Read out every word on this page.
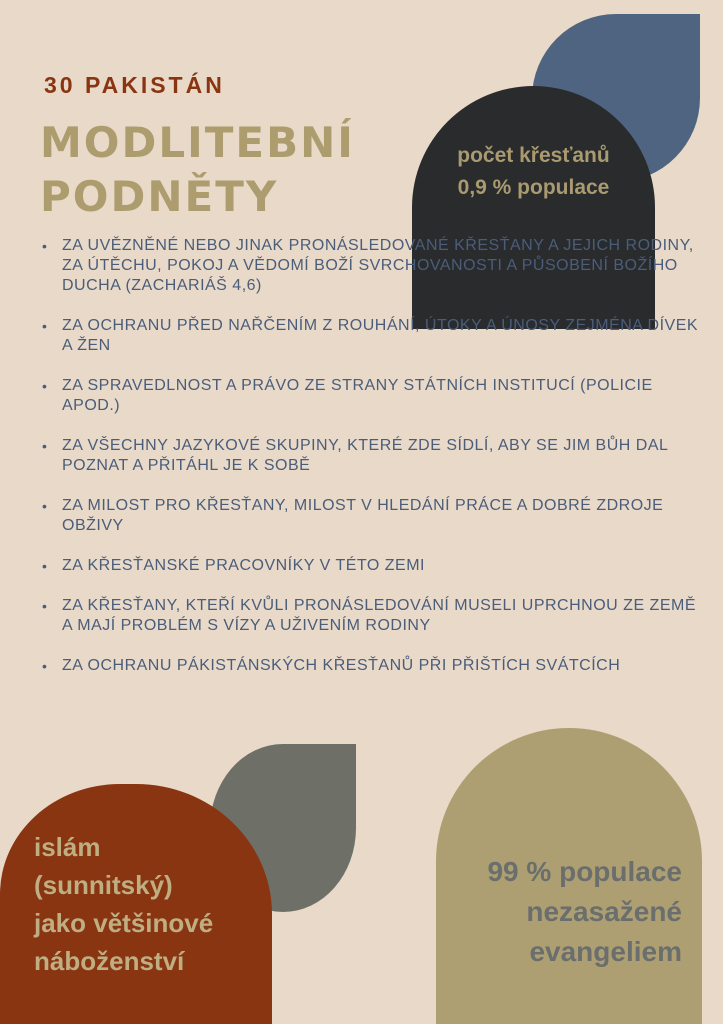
30 PAKISTÁN
MODLITEBNÍ
PODNĚTY
počet křesťanů
0,9 % populace
• ZA UVĚZNĚNÉ NEBO JINAK PRONÁSLEDOVANÉ KŘESŤANY A JEJICH RODINY, ZA ÚTĚCHU, POKOJ A VĚDOMÍ BOŽÍ SVRCHOVANOSTI A PŮSOBENÍ BOŽÍHO DUCHA (ZACHARIÁŠ 4,6)
• ZA OCHRANU PŘED NAŘČENÍM Z ROUHÁNÍ, ÚTOKY A ÚNOSY ZEJMÉNA DÍVEK A ŽEN
• ZA SPRAVEDLNOST A PRÁVO ZE STRANY STÁTNÍCH INSTITUCÍ (POLICIE APOD.)
• ZA VŠECHNY JAZYKOVÉ SKUPINY, KTERÉ ZDE SÍDLÍ, ABY SE JIM BŮH DAL POZNAT A PŘITÁHL JE K SOBĚ
• ZA MILOST PRO KŘESŤANY, MILOST V HLEDÁNÍ PRÁCE A DOBRÉ ZDROJE OBŽIVY
• ZA KŘESŤANSKÉ PRACOVNÍKY V TÉTO ZEMI
• ZA KŘESŤANY, KTEŘÍ KVŮLI PRONÁSLEDOVÁNÍ MUSELI UPRCHNOU ZE ZEMĚ A MAJÍ PROBLÉM S VÍZY A UŽIVENÍM RODINY
• ZA OCHRANU PÁKISTÁNSKÝCH KŘESŤANŮ PŘI PŘIŠTÍCH SVÁTCÍCH
islám
(sunnitský)
jako většinové
náboženství
99 % populace
nezasažené
evangeliem
